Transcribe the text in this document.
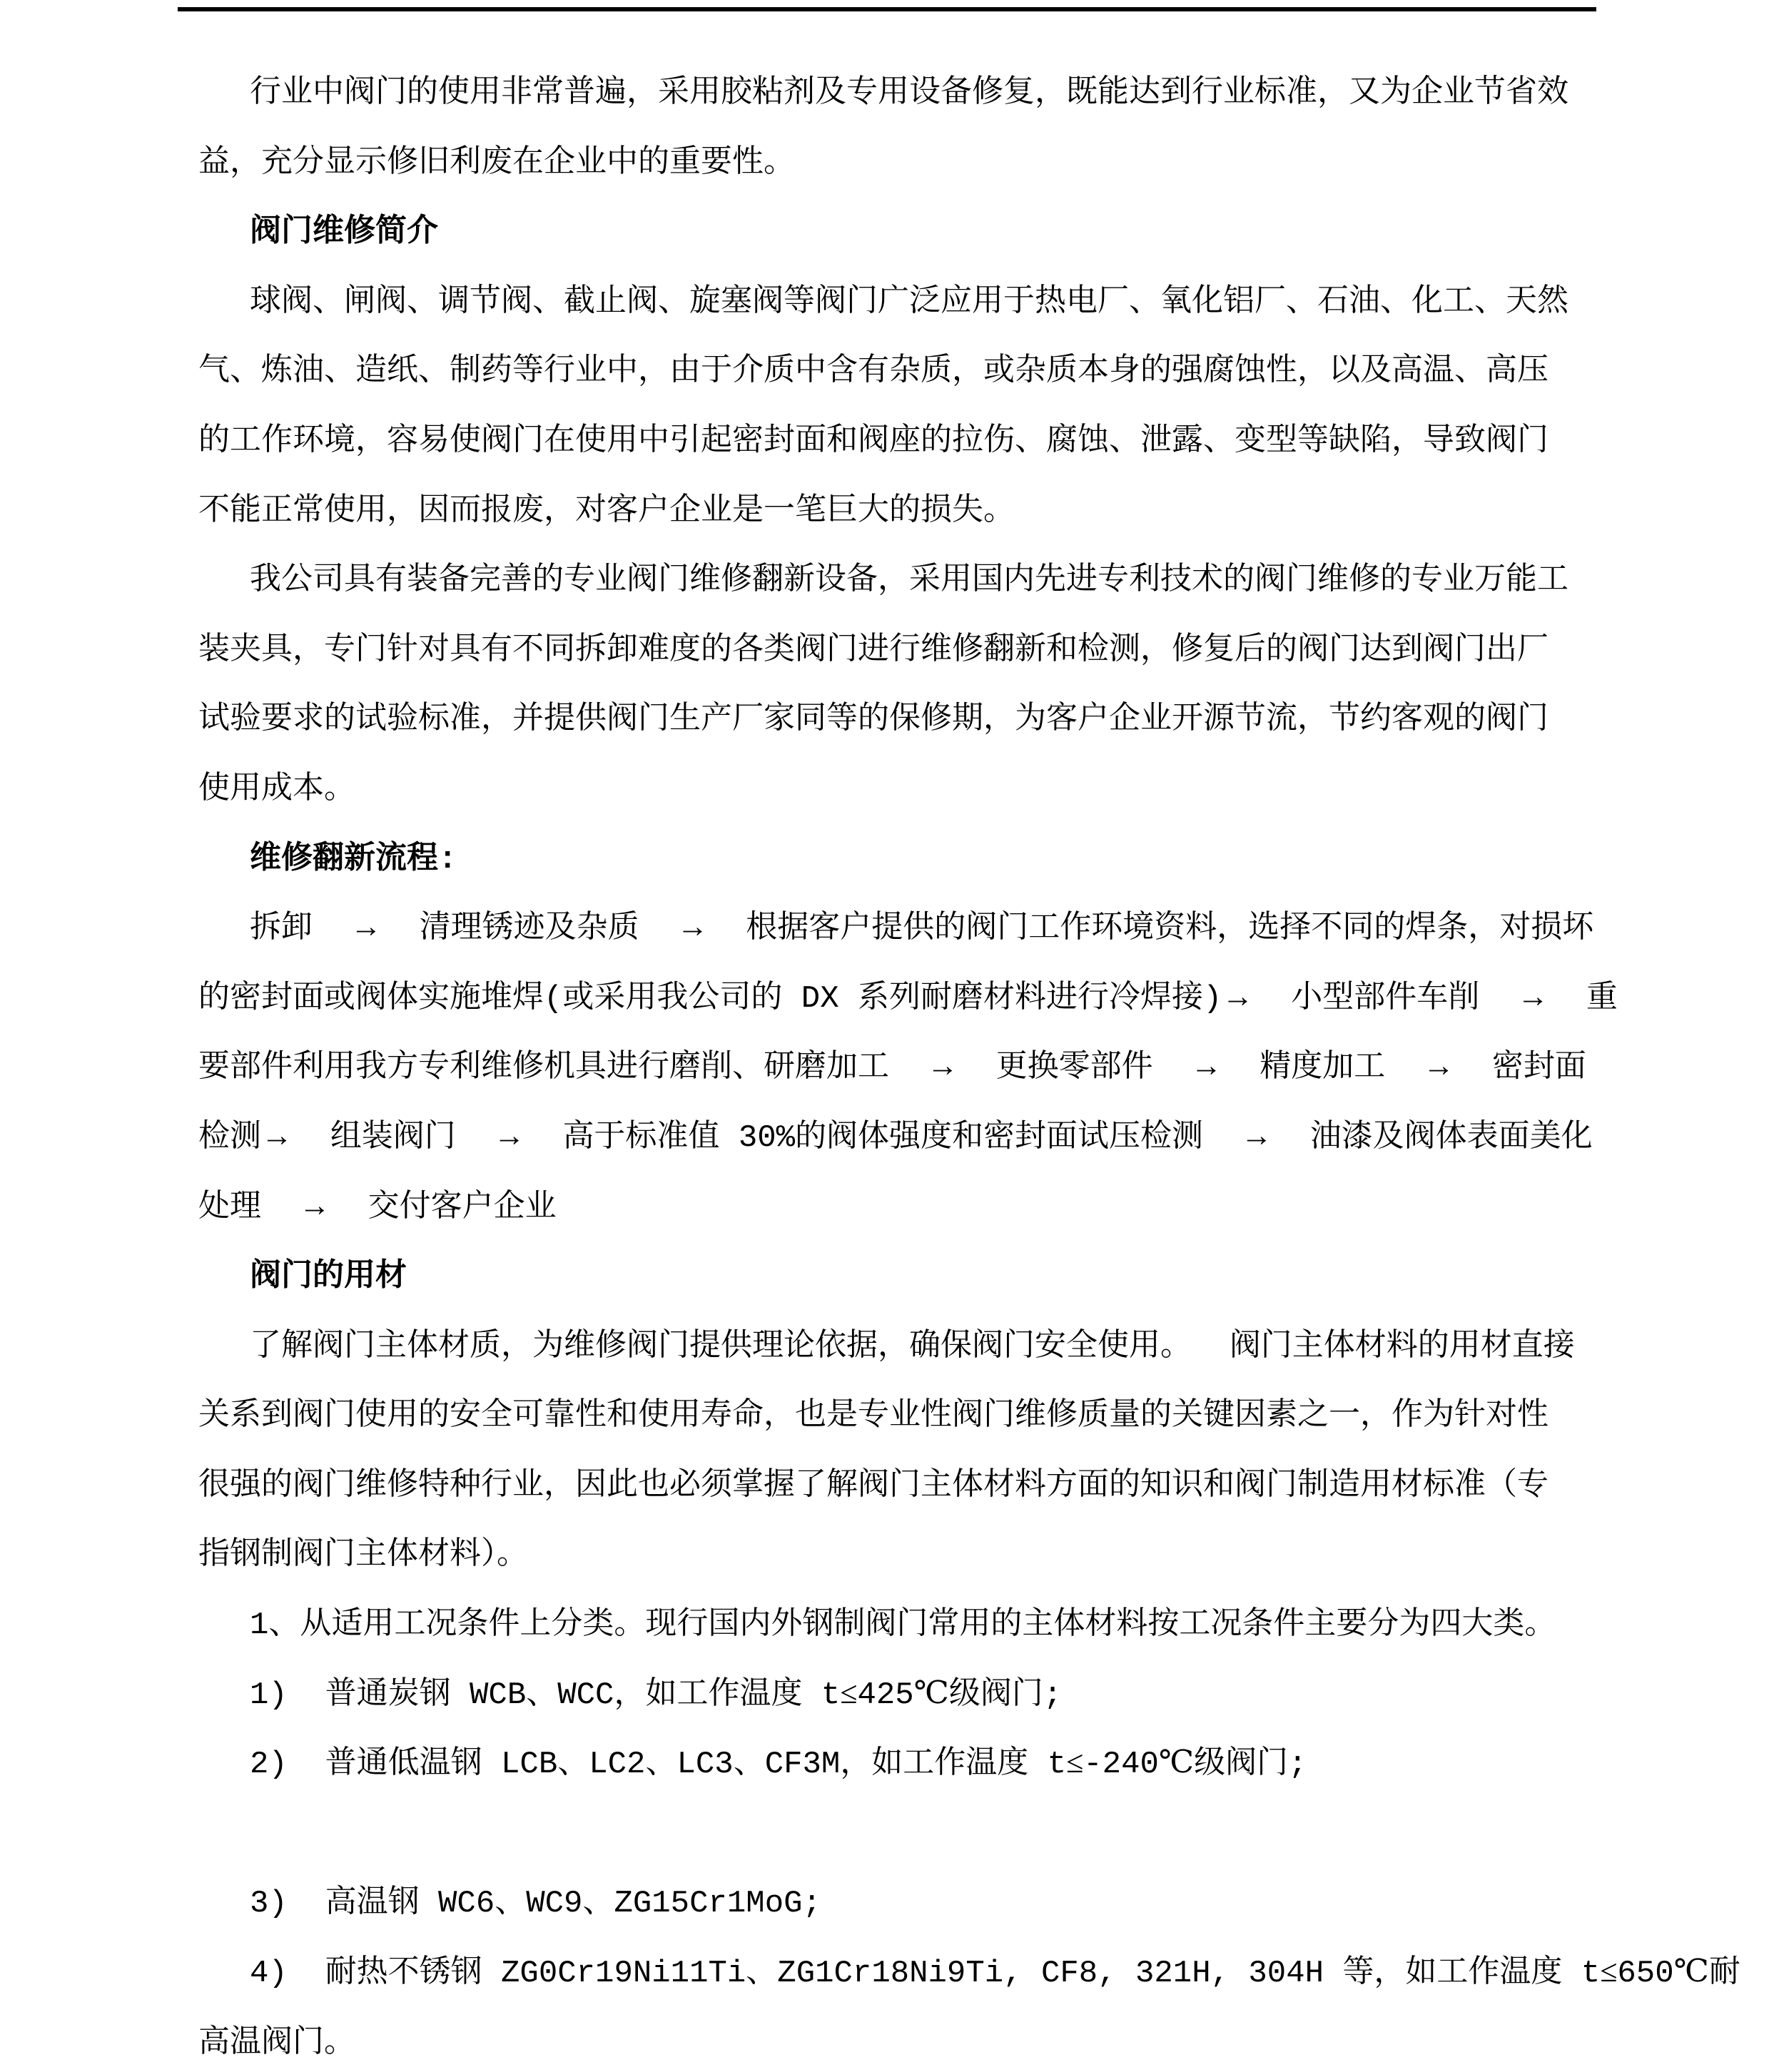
行业中阀门的使用非常普遍，采用胶粘剂及专用设备修复，既能达到行业标准，又为企业节省效
益，充分显示修旧利废在企业中的重要性。
阀门维修简介
球阀、闸阀、调节阀、截止阀、旋塞阀等阀门广泛应用于热电厂、氧化铝厂、石油、化工、天然
气、炼油、造纸、制药等行业中，由于介质中含有杂质，或杂质本身的强腐蚀性，以及高温、高压
的工作环境，容易使阀门在使用中引起密封面和阀座的拉伤、腐蚀、泄露、变型等缺陷，导致阀门
不能正常使用，因而报废，对客户企业是一笔巨大的损失。
我公司具有装备完善的专业阀门维修翻新设备，采用国内先进专利技术的阀门维修的专业万能工
装夹具，专门针对具有不同拆卸难度的各类阀门进行维修翻新和检测，修复后的阀门达到阀门出厂
试验要求的试验标准，并提供阀门生产厂家同等的保修期，为客户企业开源节流，节约客观的阀门
使用成本。
维修翻新流程:
拆卸 → 清理锈迹及杂质 → 根据客户提供的阀门工作环境资料，选择不同的焊条，对损坏
的密封面或阀体实施堆焊(或采用我公司的 DX 系列耐磨材料进行冷焊接)→ 小型部件车削 → 重
要部件利用我方专利维修机具进行磨削、研磨加工 → 更换零部件 → 精度加工 → 密封面
检测→ 组装阀门 → 高于标准值 30%的阀体强度和密封面试压检测 → 油漆及阀体表面美化
处理 → 交付客户企业
阀门的用材
了解阀门主体材质，为维修阀门提供理论依据，确保阀门安全使用。 阀门主体材料的用材直接
关系到阀门使用的安全可靠性和使用寿命，也是专业性阀门维修质量的关键因素之一，作为针对性
很强的阀门维修特种行业，因此也必须掌握了解阀门主体材料方面的知识和阀门制造用材标准（专
指钢制阀门主体材料）。
1、从适用工况条件上分类。现行国内外钢制阀门常用的主体材料按工况条件主要分为四大类。
1)  普通炭钢 WCB、WCC，如工作温度 t≤425℃级阀门;
2)  普通低温钢 LCB、LC2、LC3、CF3M，如工作温度 t≤-240℃级阀门;
3)  高温钢 WC6、WC9、ZG15Cr1MoG;
4)  耐热不锈钢 ZG0Cr19Ni11Ti、ZG1Cr18Ni9Ti, CF8, 321H, 304H 等，如工作温度 t≤650℃耐
高温阀门。
